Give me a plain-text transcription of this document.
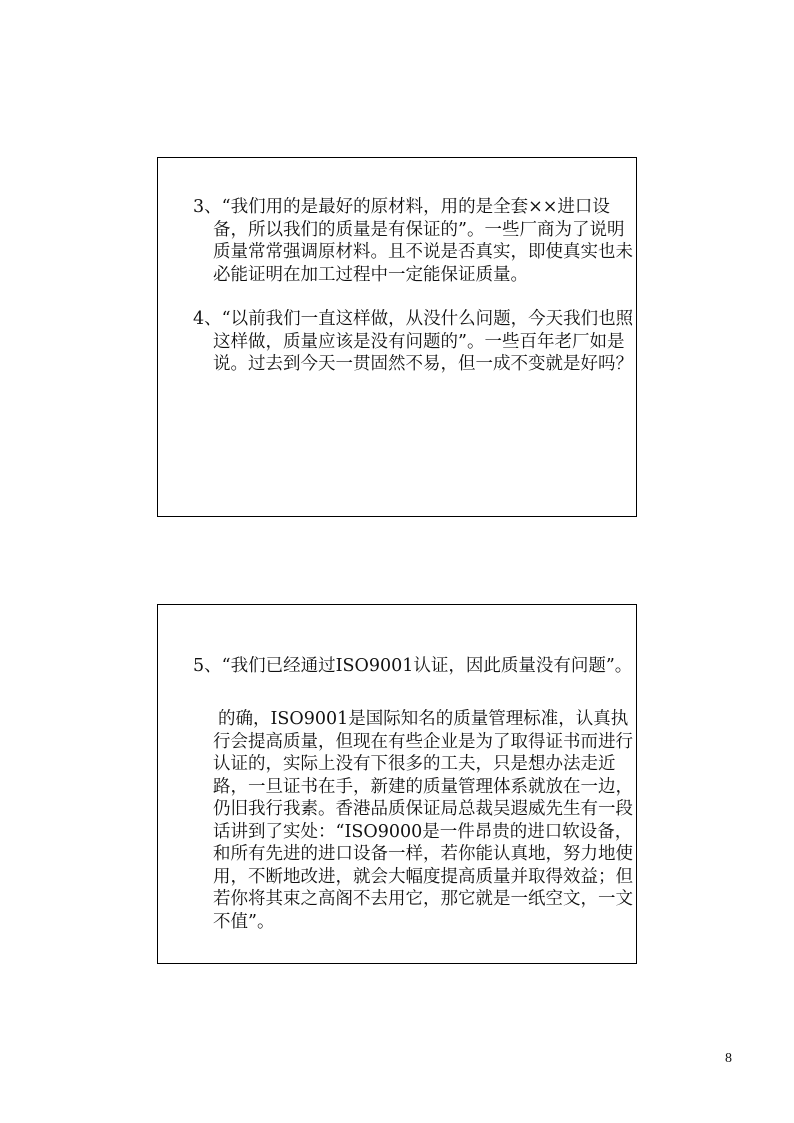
3、“我们用的是最好的原材料，用的是全套××进口设备，所以我们的质量是有保证的”。一些厂商为了说明质量常常强调原材料。且不说是否真实，即使真实也未必能证明在加工过程中一定能保证质量。

4、“以前我们一直这样做，从没什么问题，今天我们也照这样做，质量应该是没有问题的”。一些百年老厂如是说。过去到今天一贯固然不易，但一成不变就是好吗？

5、“我们已经通过ISO9001认证，因此质量没有问题”。

的确，ISO9001是国际知名的质量管理标准，认真执行会提高质量，但现在有些企业是为了取得证书而进行认证的，实际上没有下很多的工夫，只是想办法走近路，一旦证书在手，新建的质量管理体系就放在一边，仍旧我行我素。香港品质保证局总裁吴遐威先生有一段话讲到了实处：“ISO9000是一件昂贵的进口软设备，和所有先进的进口设备一样，若你能认真地，努力地使用，不断地改进，就会大幅度提高质量并取得效益；但若你将其束之高阁不去用它，那它就是一纸空文，一文不值”。

8
